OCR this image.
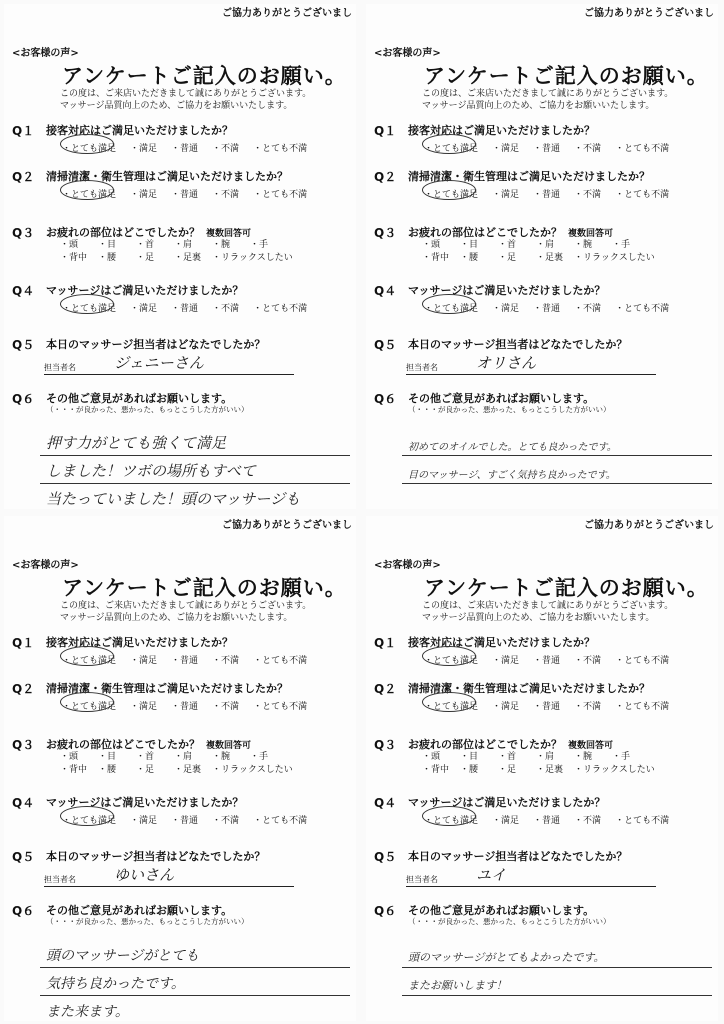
ご協力ありがとうございまし
<お客様の声>
アンケートご記入のお願い。
この度は、ご来店いただきまして誠にありがとうございます。
マッサージ品質向上のため、ご協力をお願いいたします。
Q１ 接客対応はご満足いただけましたか？
・とても満足 ・満足 ・普通 ・不満 ・とても不満
Q２ 清掃清潔・衛生管理はご満足いただけましたか？
・とても満足 ・満足 ・普通 ・不満 ・とても不満
Q３ お疲れの部位はどこでしたか？ 複数回答可
・頭	・目	・首	・肩	・腕	・手
・背中	・腰	・足	・足裏	・リラックスしたい
Q４ マッサージはご満足いただけましたか？
・とても満足 ・満足 ・普通 ・不満 ・とても不満
Q５ 本日のマッサージ担当者はどなたでしたか？
担当者名	ジェニーさん
Q６ その他ご意見があればお願いします。
（・・・が良かった、悪かった、もっとこうした方がいい）
押す力がとても強くて満足
しました！ツボの場所もすべて
当たっていました！頭のマッサージも
ご協力ありがとうございまし
<お客様の声>
アンケートご記入のお願い。
この度は、ご来店いただきまして誠にありがとうございます。
マッサージ品質向上のため、ご協力をお願いいたします。
Q１ 接客対応はご満足いただけましたか？
・とても満足 ・満足 ・普通 ・不満 ・とても不満
Q２ 清掃清潔・衛生管理はご満足いただけましたか？
・とても満足 ・満足 ・普通 ・不満 ・とても不満
Q３ お疲れの部位はどこでしたか？ 複数回答可
・頭	・目	・首	・肩	・腕	・手
・背中	・腰	・足	・足裏	・リラックスしたい
Q４ マッサージはご満足いただけましたか？
・とても満足 ・満足 ・普通 ・不満 ・とても不満
Q５ 本日のマッサージ担当者はどなたでしたか？
担当者名	オリさん
Q６ その他ご意見があればお願いします。
（・・・が良かった、悪かった、もっとこうした方がいい）
初めてのオイルでした。とても良かったです。
目のマッサージ、すごく気持ち良かったです。
ご協力ありがとうございまし
<お客様の声>
アンケートご記入のお願い。
この度は、ご来店いただきまして誠にありがとうございます。
マッサージ品質向上のため、ご協力をお願いいたします。
Q１ 接客対応はご満足いただけましたか？
・とても満足 ・満足 ・普通 ・不満 ・とても不満
Q２ 清掃清潔・衛生管理はご満足いただけましたか？
・とても満足 ・満足 ・普通 ・不満 ・とても不満
Q３ お疲れの部位はどこでしたか？ 複数回答可
・頭	・目	・首	・肩	・腕	・手
・背中	・腰	・足	・足裏	・リラックスしたい
Q４ マッサージはご満足いただけましたか？
・とても満足 ・満足 ・普通 ・不満 ・とても不満
Q５ 本日のマッサージ担当者はどなたでしたか？
担当者名	ゆいさん
Q６ その他ご意見があればお願いします。
（・・・が良かった、悪かった、もっとこうした方がいい）
頭のマッサージがとても
気持ち良かったです。
また来ます。
ご協力ありがとうございまし
<お客様の声>
アンケートご記入のお願い。
この度は、ご来店いただきまして誠にありがとうございます。
マッサージ品質向上のため、ご協力をお願いいたします。
Q１ 接客対応はご満足いただけましたか？
・とても満足 ・満足 ・普通 ・不満 ・とても不満
Q２ 清掃清潔・衛生管理はご満足いただけましたか？
・とても満足 ・満足 ・普通 ・不満 ・とても不満
Q３ お疲れの部位はどこでしたか？ 複数回答可
・頭	・目	・首	・肩	・腕	・手
・背中	・腰	・足	・足裏	・リラックスしたい
Q４ マッサージはご満足いただけましたか？
・とても満足 ・満足 ・普通 ・不満 ・とても不満
Q５ 本日のマッサージ担当者はどなたでしたか？
担当者名	ユイ
Q６ その他ご意見があればお願いします。
（・・・が良かった、悪かった、もっとこうした方がいい）
頭のマッサージがとてもよかったです。
またお願いします！
